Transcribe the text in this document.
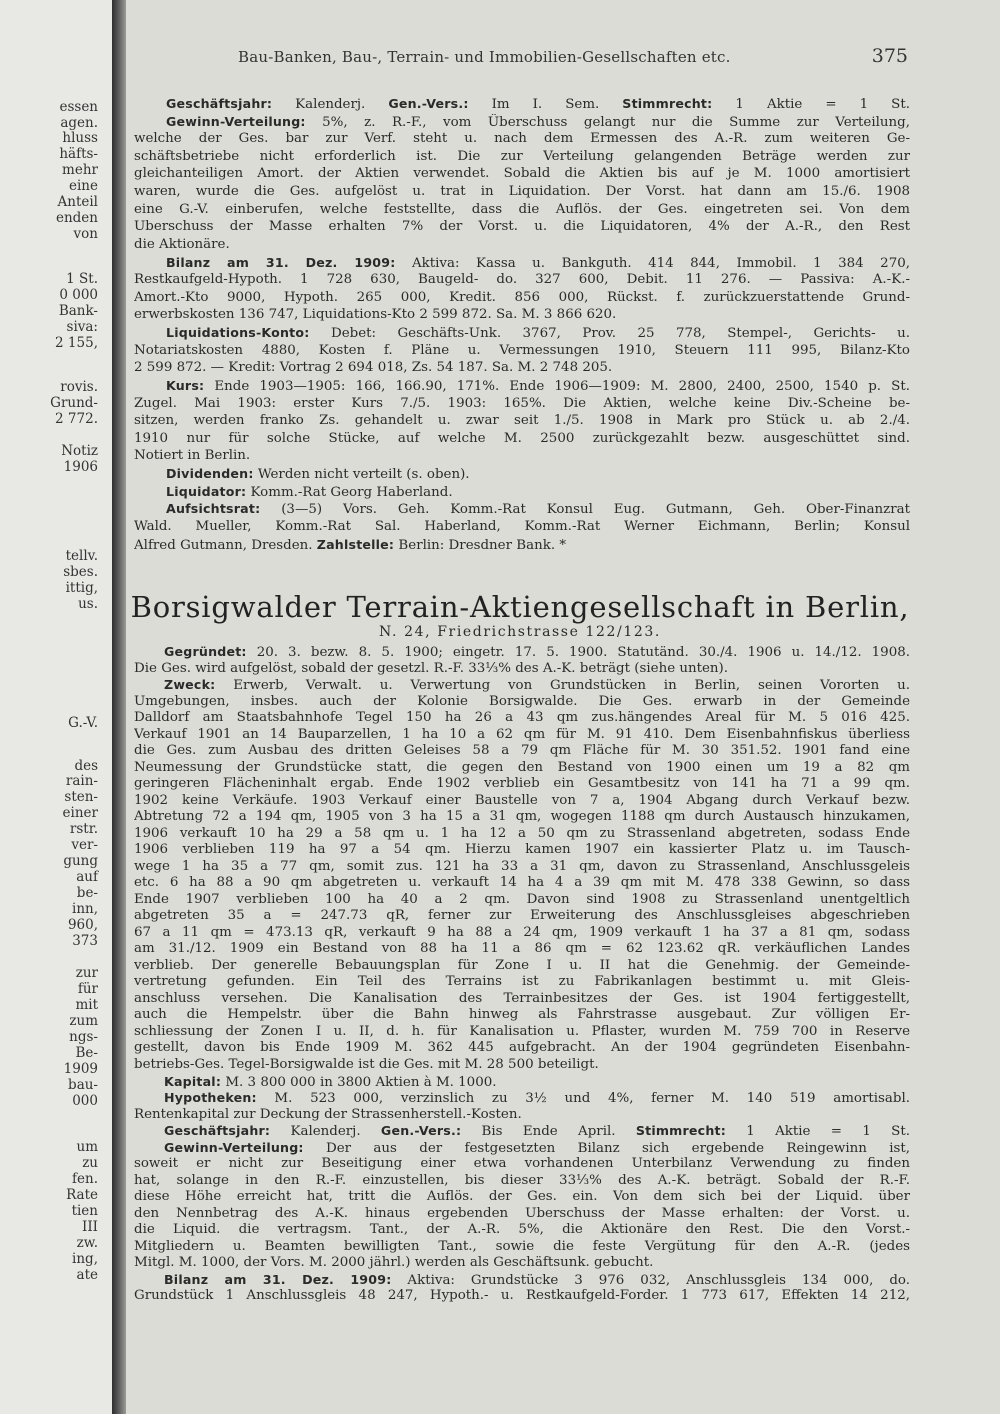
essen
agen.
hluss
häfts-
mehr
eine
Anteil
enden
von
1 St.
0 000
Bank-
siva:
2 155,
rovis.
Grund-
2 772.
Notiz
1906
tellv.
sbes.
ittig,
us.
G.-V.
des
rain-
sten-
einer
rstr.
ver-
gung
auf
be-
inn,
960,
373
zur
für
mit
zum
ngs-
Be-
1909
bau-
000
um
zu
fen.
Rate
tien
III
zw.
ing,
ate
Bau-Banken, Bau-, Terrain- und Immobilien-Gesellschaften etc.	375
Geschäftsjahr: Kalenderj. Gen.-Vers.: Im I. Sem. Stimmrecht: 1 Aktie = 1 St.
Gewinn-Verteilung: 5%, z. R.-F., vom Überschuss gelangt nur die Summe zur Verteilung,
welche der Ges. bar zur Verf. steht u. nach dem Ermessen des A.-R. zum weiteren Ge-
schäftsbetriebe nicht erforderlich ist. Die zur Verteilung gelangenden Beträge werden zur
gleichanteiligen Amort. der Aktien verwendet. Sobald die Aktien bis auf je M. 1000 amortisiert
waren, wurde die Ges. aufgelöst u. trat in Liquidation. Der Vorst. hat dann am 15./6. 1908
eine G.-V. einberufen, welche feststellte, dass die Auflös. der Ges. eingetreten sei. Von dem
Überschuss der Masse erhalten 7% der Vorst. u. die Liquidatoren, 4% der A.-R., den Rest
die Aktionäre.
Bilanz am 31. Dez. 1909: Aktiva: Kassa u. Bankguth. 414 844, Immobil. 1 384 270,
Restkaufgeld-Hypoth. 1 728 630, Baugeld- do. 327 600, Debit. 11 276. — Passiva: A.-K.-
Amort.-Kto 9000, Hypoth. 265 000, Kredit. 856 000, Rückst. f. zurückzuerstattende Grund-
erwerbskosten 136 747, Liquidations-Kto 2 599 872. Sa. M. 3 866 620.
Liquidations-Konto: Debet: Geschäfts-Unk. 3767, Prov. 25 778, Stempel-, Gerichts- u.
Notariatskosten 4880, Kosten f. Pläne u. Vermessungen 1910, Steuern 111 995, Bilanz-Kto
2 599 872. — Kredit: Vortrag 2 694 018, Zs. 54 187. Sa. M. 2 748 205.
Kurs: Ende 1903—1905: 166, 166.90, 171%. Ende 1906—1909: M. 2800, 2400, 2500, 1540 p. St.
Zugel. Mai 1903: erster Kurs 7./5. 1903: 165%. Die Aktien, welche keine Div.-Scheine be-
sitzen, werden franko Zs. gehandelt u. zwar seit 1./5. 1908 in Mark pro Stück u. ab 2./4.
1910 nur für solche Stücke, auf welche M. 2500 zurückgezahlt bezw. ausgeschüttet sind.
Notiert in Berlin.
Dividenden: Werden nicht verteilt (s. oben).
Liquidator: Komm.-Rat Georg Haberland.
Aufsichtsrat: (3—5) Vors. Geh. Komm.-Rat Konsul Eug. Gutmann, Geh. Ober-Finanzrat
Wald. Mueller, Komm.-Rat Sal. Haberland, Komm.-Rat Werner Eichmann, Berlin; Konsul
Alfred Gutmann, Dresden. Zahlstelle: Berlin: Dresdner Bank. *
Borsigwalder Terrain-Aktiengesellschaft in Berlin,
N. 24, Friedrichstrasse 122/123.
Gegründet: 20. 3. bezw. 8. 5. 1900; eingetr. 17. 5. 1900. Statutänd. 30./4. 1906 u. 14./12. 1908.
Die Ges. wird aufgelöst, sobald der gesetzl. R.-F. 33⅓% des A.-K. beträgt (siehe unten).
Zweck: Erwerb, Verwalt. u. Verwertung von Grundstücken in Berlin, seinen Vororten u.
Umgebungen, insbes. auch der Kolonie Borsigwalde. Die Ges. erwarb in der Gemeinde
Dalldorf am Staatsbahnhofe Tegel 150 ha 26 a 43 qm zus.hängendes Areal für M. 5 016 425.
Verkauf 1901 an 14 Bauparzellen, 1 ha 10 a 62 qm für M. 91 410. Dem Eisenbahnfiskus überliess
die Ges. zum Ausbau des dritten Geleises 58 a 79 qm Fläche für M. 30 351.52. 1901 fand eine
Neumessung der Grundstücke statt, die gegen den Bestand von 1900 einen um 19 a 82 qm
geringeren Flächeninhalt ergab. Ende 1902 verblieb ein Gesamtbesitz von 141 ha 71 a 99 qm.
1902 keine Verkäufe. 1903 Verkauf einer Baustelle von 7 a, 1904 Abgang durch Verkauf bezw.
Abtretung 72 a 194 qm, 1905 von 3 ha 15 a 31 qm, wogegen 1188 qm durch Austausch hinzukamen,
1906 verkauft 10 ha 29 a 58 qm u. 1 ha 12 a 50 qm zu Strassenland abgetreten, sodass Ende
1906 verblieben 119 ha 97 a 54 qm. Hierzu kamen 1907 ein kassierter Platz u. im Tausch-
wege 1 ha 35 a 77 qm, somit zus. 121 ha 33 a 31 qm, davon zu Strassenland, Anschlussgeleis
etc. 6 ha 88 a 90 qm abgetreten u. verkauft 14 ha 4 a 39 qm mit M. 478 338 Gewinn, so dass
Ende 1907 verblieben 100 ha 40 a 2 qm. Davon sind 1908 zu Strassenland unentgeltlich
abgetreten 35 a = 247.73 qR, ferner zur Erweiterung des Anschlussgleises abgeschrieben
67 a 11 qm = 473.13 qR, verkauft 9 ha 88 a 24 qm, 1909 verkauft 1 ha 37 a 81 qm, sodass
am 31./12. 1909 ein Bestand von 88 ha 11 a 86 qm = 62 123.62 qR. verkäuflichen Landes
verblieb. Der generelle Bebauungsplan für Zone I u. II hat die Genehmig. der Gemeinde-
vertretung gefunden. Ein Teil des Terrains ist zu Fabrikanlagen bestimmt u. mit Gleis-
anschluss versehen. Die Kanalisation des Terrainbesitzes der Ges. ist 1904 fertiggestellt,
auch die Hempelstr. über die Bahn hinweg als Fahrstrasse ausgebaut. Zur völligen Er-
schliessung der Zonen I u. II, d. h. für Kanalisation u. Pflaster, wurden M. 759 700 in Reserve
gestellt, davon bis Ende 1909 M. 362 445 aufgebracht. An der 1904 gegründeten Eisenbahn-
betriebs-Ges. Tegel-Borsigwalde ist die Ges. mit M. 28 500 beteiligt.
Kapital: M. 3 800 000 in 3800 Aktien à M. 1000.
Hypotheken: M. 523 000, verzinslich zu 3½ und 4%, ferner M. 140 519 amortisabl.
Rentenkapital zur Deckung der Strassenherstell.-Kosten.
Geschäftsjahr: Kalenderj. Gen.-Vers.: Bis Ende April. Stimmrecht: 1 Aktie = 1 St.
Gewinn-Verteilung: Der aus der festgesetzten Bilanz sich ergebende Reingewinn ist,
soweit er nicht zur Beseitigung einer etwa vorhandenen Unterbilanz Verwendung zu finden
hat, solange in den R.-F. einzustellen, bis dieser 33⅓% des A.-K. beträgt. Sobald der R.-F.
diese Höhe erreicht hat, tritt die Auflös. der Ges. ein. Von dem sich bei der Liquid. über
den Nennbetrag des A.-K. hinaus ergebenden Überschuss der Masse erhalten: der Vorst. u.
die Liquid. die vertragsm. Tant., der A.-R. 5%, die Aktionäre den Rest. Die den Vorst.-
Mitgliedern u. Beamten bewilligten Tant., sowie die feste Vergütung für den A.-R. (jedes
Mitgl. M. 1000, der Vors. M. 2000 jährl.) werden als Geschäftsunk. gebucht.
Bilanz am 31. Dez. 1909: Aktiva: Grundstücke 3 976 032, Anschlussgleis 134 000, do.
Grundstück 1 Anschlussgleis 48 247, Hypoth.- u. Restkaufgeld-Forder. 1 773 617, Effekten 14 212,
